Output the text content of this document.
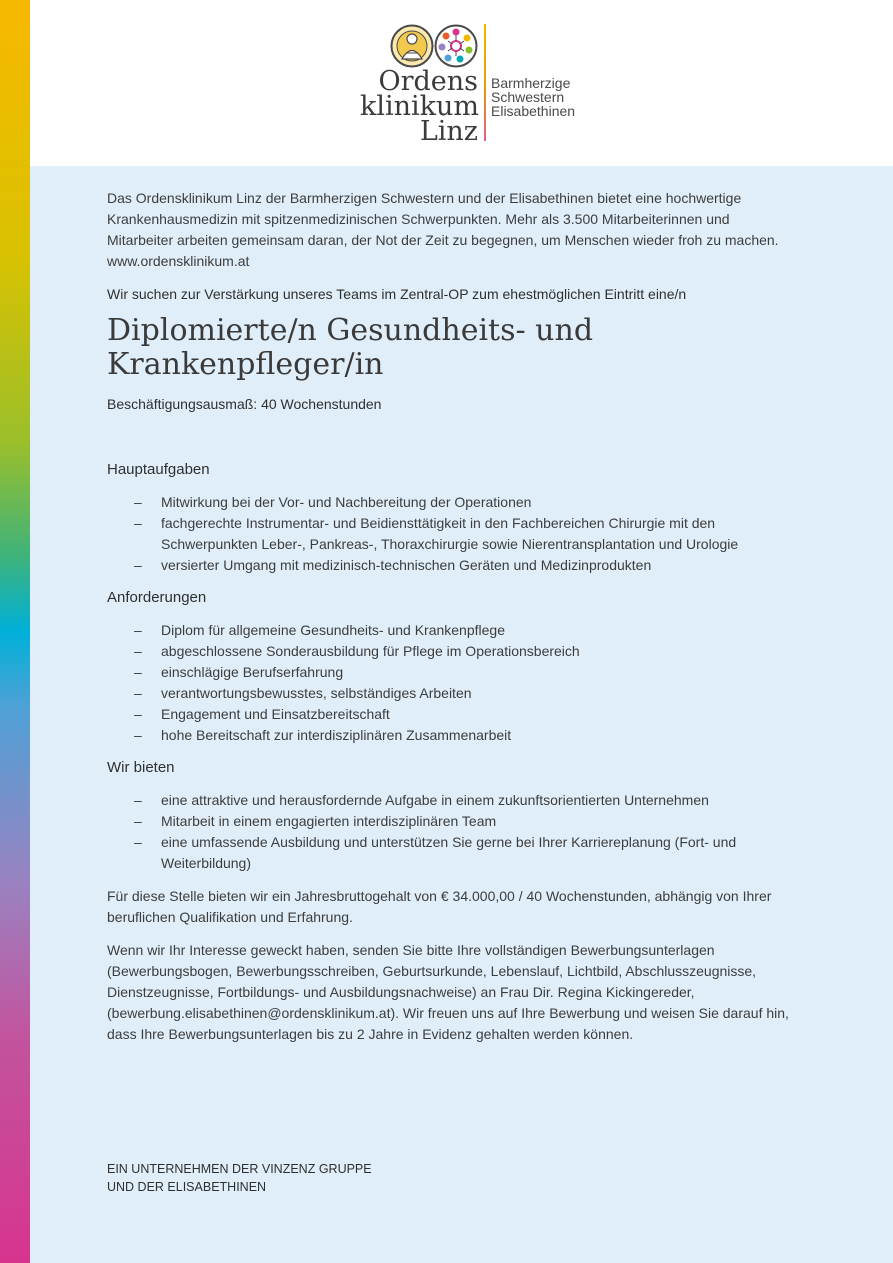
Ordens
klinikum
Linz
Barmherzige
Schwestern
Elisabethinen

Das Ordensklinikum Linz der Barmherzigen Schwestern und der Elisabethinen bietet eine hochwertige Krankenhausmedizin mit spitzenmedizinischen Schwerpunkten. Mehr als 3.500 Mitarbeiterinnen und Mitarbeiter arbeiten gemeinsam daran, der Not der Zeit zu begegnen, um Menschen wieder froh zu machen. www.ordensklinikum.at

Wir suchen zur Verstärkung unseres Teams im Zentral-OP zum ehestmöglichen Eintritt eine/n

Diplomierte/n Gesundheits- und
Krankenpfleger/in

Beschäftigungsausmaß: 40 Wochenstunden

Hauptaufgaben
– Mitwirkung bei der Vor- und Nachbereitung der Operationen
– fachgerechte Instrumentar- und Beidiensttätigkeit in den Fachbereichen Chirurgie mit den Schwerpunkten Leber-, Pankreas-, Thoraxchirurgie sowie Nierentransplantation und Urologie
– versierter Umgang mit medizinisch-technischen Geräten und Medizinprodukten
Anforderungen
– Diplom für allgemeine Gesundheits- und Krankenpflege
– abgeschlossene Sonderausbildung für Pflege im Operationsbereich
– einschlägige Berufserfahrung
– verantwortungsbewusstes, selbständiges Arbeiten
– Engagement und Einsatzbereitschaft
– hohe Bereitschaft zur interdisziplinären Zusammenarbeit
Wir bieten
– eine attraktive und herausfordernde Aufgabe in einem zukunftsorientierten Unternehmen
– Mitarbeit in einem engagierten interdisziplinären Team
– eine umfassende Ausbildung und unterstützen Sie gerne bei Ihrer Karriereplanung (Fort- und Weiterbildung)

Für diese Stelle bieten wir ein Jahresbruttogehalt von € 34.000,00 / 40 Wochenstunden, abhängig von Ihrer beruflichen Qualifikation und Erfahrung.

Wenn wir Ihr Interesse geweckt haben, senden Sie bitte Ihre vollständigen Bewerbungsunterlagen (Bewerbungsbogen, Bewerbungsschreiben, Geburtsurkunde, Lebenslauf, Lichtbild, Abschlusszeugnisse, Dienstzeugnisse, Fortbildungs- und Ausbildungsnachweise) an Frau Dir. Regina Kickingereder, (bewerbung.elisabethinen@ordensklinikum.at). Wir freuen uns auf Ihre Bewerbung und weisen Sie darauf hin, dass Ihre Bewerbungsunterlagen bis zu 2 Jahre in Evidenz gehalten werden können.

EIN UNTERNEHMEN DER VINZENZ GRUPPE
UND DER ELISABETHINEN
